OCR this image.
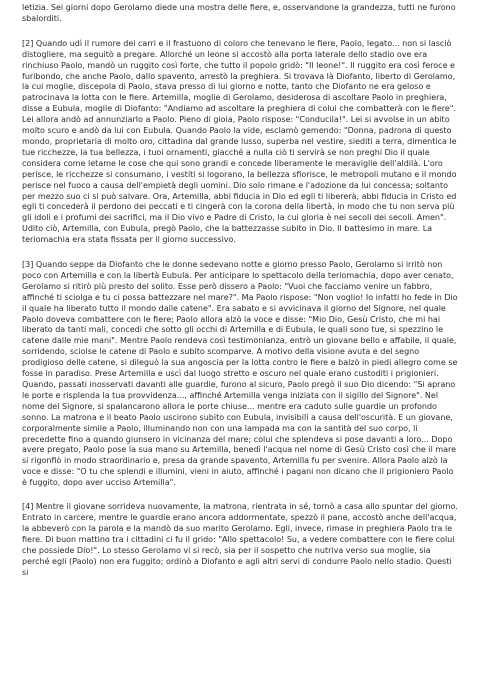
letizia. Sei giorni dopo Gerolamo diede una mostra delle fiere, e, osservandone la grandezza, tutti ne furono sbalorditi.

[2] Quando udì il rumore dei carri e il frastuono di coloro che tenevano le fiere, Paolo, legato... non si lasciò distogliere, ma seguitò a pregare. Allorché un leone si accostò alla porta laterale dello stadio ove era rinchiuso Paolo, mandò un ruggito così forte, che tutto il popolo gridò: "Il leone!". Il ruggito era così feroce e furibondo, che anche Paolo, dallo spavento, arrestò la preghiera. Si trovava là Diofanto, liberto di Gerolamo, la cui moglie, discepola di Paolo, stava presso di lui giorno e notte, tanto che Diofanto ne era geloso e patrocinava la lotta con le fiere. Artemilla, moglie di Gerolamo, desiderosa di ascoltare Paolo in preghiera, disse a Eubula, moglie di Diofanto: "Andiamo ad ascoltare la preghiera di colui che combatterà con le fiere". Lei allora andò ad annunziarlo a Paolo. Pieno di gioia, Paolo rispose: "Conducila!". Lei si avvolse in un abito molto scuro e andò da lui con Eubula. Quando Paolo la vide, esclamò gemendo: "Donna, padrona di questo mondo, proprietaria di molto oro, cittadina dal grande lusso, superba nel vestire, siediti a terra, dimentica le tue ricchezze, la tua bellezza, i tuoi ornamenti, giacché a nulla ciò ti servirà se non preghi Dio il quale considera come letame le cose che qui sono grandi e concede liberamente le meraviglie dell'aldilà. L'oro perisce, le ricchezze si consumano, i vestiti si logorano, la bellezza sfiorisce, le metropoli mutano e il mondo perisce nel fuoco a causa dell'empietà degli uomini. Dio solo rimane e l'adozione da lui concessa; soltanto per mezzo suo ci si può salvare. Ora, Artemilla, abbi fiducia in Dio ed egli ti libererà, abbi fiducia in Cristo ed egli ti concederà il perdono dei peccati e ti cingerà con la corona della libertà, in modo che tu non serva più gli idoli e i profumi dei sacrifici, ma il Dio vivo e Padre di Cristo, la cui gloria è nei secoli dei secoli. Amen". Udito ciò, Artemilla, con Eubula, pregò Paolo, che la battezzasse subito in Dio. Il battesimo in mare. La teriomachia era stata fissata per il giorno successivo.

[3] Quando seppe da Diofanto che le donne sedevano notte e giorno presso Paolo, Gerolamo si irritò non poco con Artemilla e con la libertà Eubula. Per anticipare lo spettacolo della teriomachia, dopo aver cenato, Gerolamo si ritirò più presto del solito. Esse però dissero a Paolo: "Vuoi che facciamo venire un fabbro, affinché ti sciolga e tu ci possa battezzare nel mare?". Ma Paolo rispose: "Non voglio! Io infatti ho fede in Dio il quale ha liberato tutto il mondo dalle catene". Era sabato e si avvicinava il giorno del Signore, nel quale Paolo doveva combattere con le fiere; Paolo allora alzò la voce e disse: "Mio Dio, Gesù Cristo, che mi hai liberato da tanti mali, concedi che sotto gli occhi di Artemilla e di Eubula, le quali sono tue, si spezzino le catene dalle mie mani". Mentre Paolo rendeva così testimonianza, entrò un giovane bello e affabile, il quale, sorridendo, sciolse le catene di Paolo e subito scomparve. A motivo della visione avuta e del segno prodigioso delle catene, si dileguò la sua angoscia per la lotta contro le fiere e balzò in piedi allegro come se fosse in paradiso. Prese Artemilla e uscì dal luogo stretto e oscuro nel quale erano custoditi i prigionieri. Quando, passati inosservati davanti alle guardie, furono al sicuro, Paolo pregò il suo Dio dicendo: "Si aprano le porte e risplenda la tua provvidenza..., affinché Artemilla venga iniziata con il sigillo del Signore". Nel nome del Signore, si spalancarono allora le porte chiuse... mentre era caduto sulle guardie un profondo sonno. La matrona e il beato Paolo uscirono subito con Eubula, invisibili a causa dell'oscurità. E un giovane, corporalmente simile a Paolo, illuminando non con una lampada ma con la santità del suo corpo, li precedette fino a quando giunsero in vicinanza del mare; colui che splendeva si pose davanti a loro... Dopo avere pregato, Paolo pose la sua mano su Artemilla, benedì l'acqua nel nome di Gesù Cristo così che il mare si rigonfiò in modo straordinario e, presa da grande spavento, Artemilla fu per svenire. Allora Paolo alzò la voce e disse: "O tu che splendi e illumini, vieni in aiuto, affinché i pagani non dicano che il prigioniero Paolo è fuggito, dopo aver ucciso Artemilla".

[4] Mentre il giovane sorrideva nuovamente, la matrona, rientrata in sé, tornò a casa allo spuntar del giorno. Entrato in carcere, mentre le guardie erano ancora addormentate, spezzò il pane, accostò anche dell'acqua, la abbeverò con la parola e la mandò da suo marito Gerolamo. Egli, invece, rimase in preghiera Paolo tra le fiere. Di buon mattino tra i cittadini ci fu il grido: "Allo spettacolo! Su, a vedere combattere con le fiere colui che possiede Dio!". Lo stesso Gerolamo vi si recò, sia per il sospetto che nutriva verso sua moglie, sia perché egli (Paolo) non era fuggito; ordinò a Diofanto e agli altri servi di condurre Paolo nello stadio. Questi si
